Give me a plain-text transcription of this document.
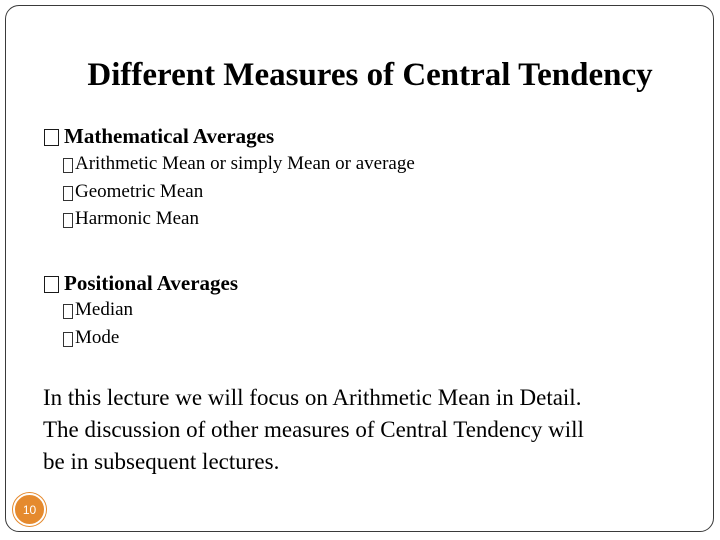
Different Measures of Central Tendency
Mathematical Averages
Arithmetic Mean or simply Mean or average
Geometric Mean
Harmonic Mean
Positional Averages
Median
Mode
In this lecture we will focus on Arithmetic Mean in Detail.
The discussion of other measures of Central Tendency will
be in subsequent lectures.
10
